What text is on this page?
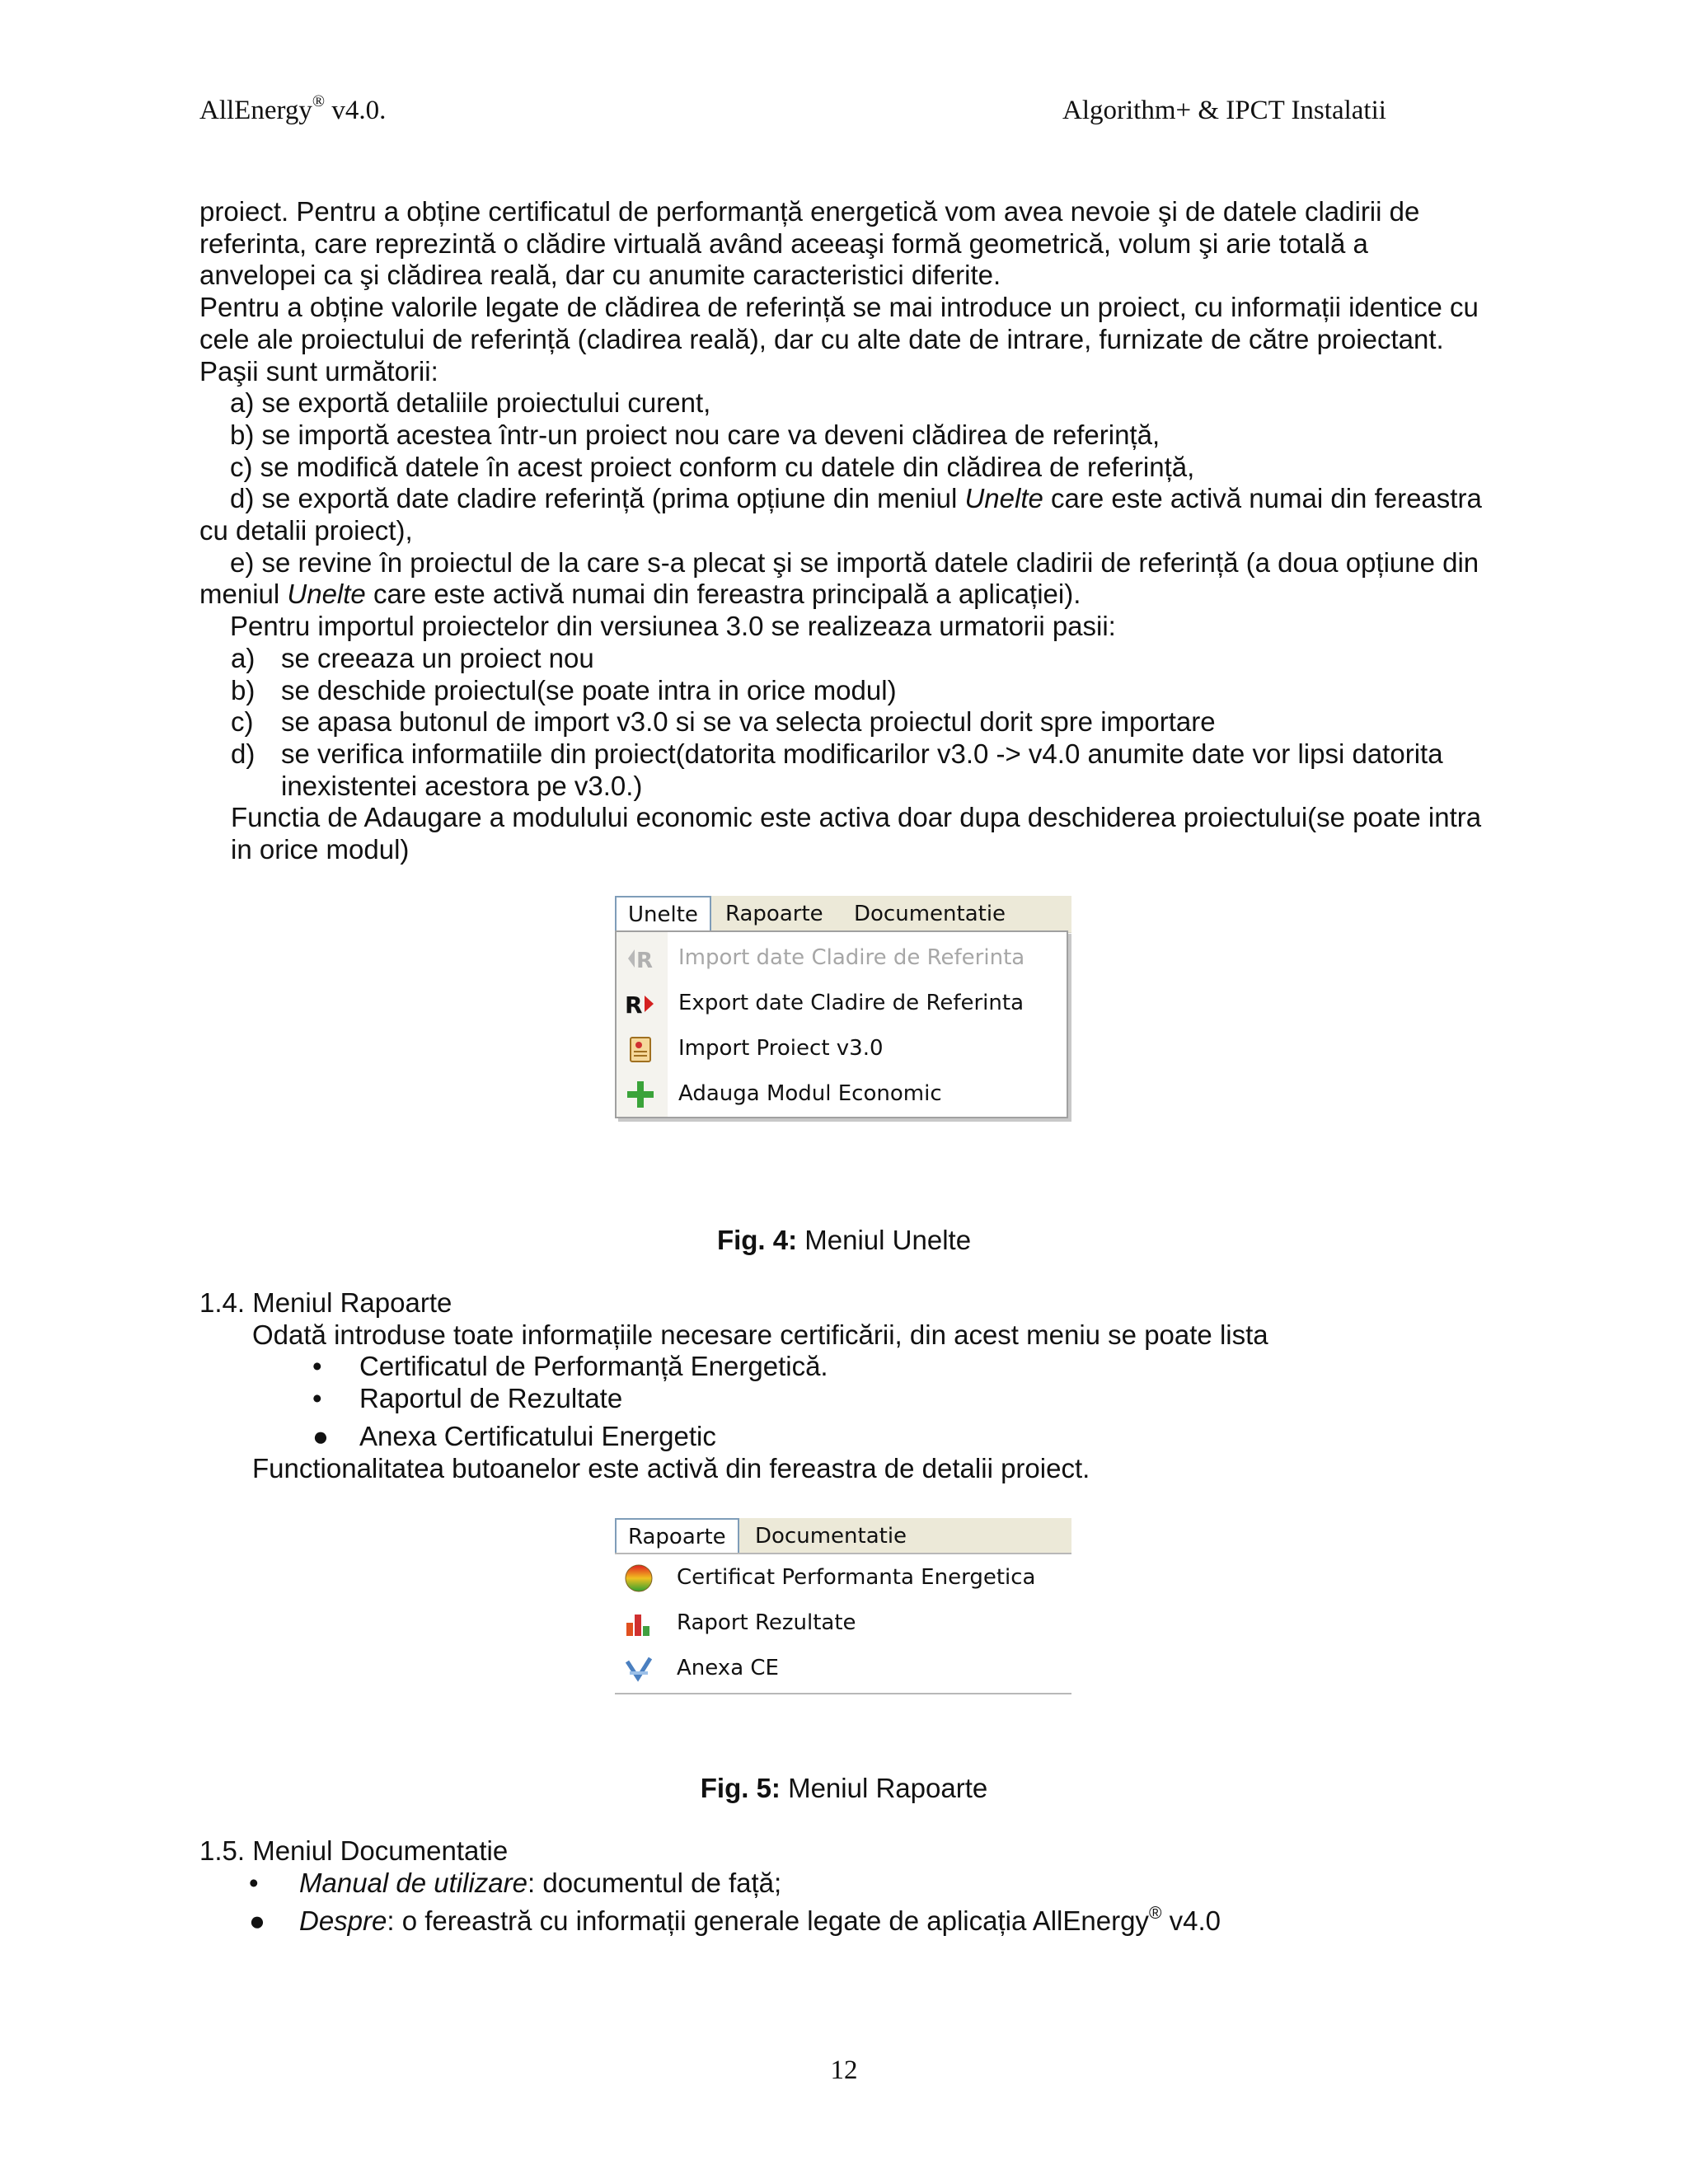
AllEnergy® v4.0.	Algorithm+ & IPCT Instalatii

proiect. Pentru a obține certificatul de performanță energetică vom avea nevoie şi de datele cladirii de referinta, care reprezintă o clădire virtuală având aceeaşi formă geometrică, volum şi arie totală a anvelopei ca şi clădirea reală, dar cu anumite caracteristici diferite.

Pentru a obține valorile legate de clădirea de referință se mai introduce un proiect, cu informații identice cu cele ale proiectului de referință (cladirea reală), dar cu alte date de intrare, furnizate de către proiectant. Paşii sunt următorii:

a) se exportă detaliile proiectului curent,

b) se importă acestea într-un proiect nou care va deveni clădirea de referință,

c) se modifică datele în acest proiect conform cu datele din clădirea de referință,

d) se exportă date cladire referință (prima opțiune din meniul Unelte care este activă numai din fereastra cu detalii proiect),

e) se revine în proiectul de la care s-a plecat şi se importă datele cladirii de referință (a doua opțiune din meniul Unelte care este activă numai din fereastra principală a aplicației).

Pentru importul proiectelor din versiunea 3.0 se realizeaza urmatorii pasii:

a) se creeaza un proiect nou
b) se deschide proiectul(se poate intra in orice modul)
c) se apasa butonul de import v3.0 si se va selecta proiectul dorit spre importare
d) se verifica informatiile din proiect(datorita modificarilor v3.0 -> v4.0 anumite date vor lipsi datorita inexistentei acestora pe v3.0.)

Functia de Adaugare a modulului economic este activa doar dupa deschiderea proiectului(se poate intra in orice modul)

Unelte	Rapoarte Documentatie
R Import date Cladire de Referinta
R Export date Cladire de Referinta
Import Proiect v3.0
Adauga Modul Economic
Fig. 4: Meniul Unelte

1.4. Meniul Rapoarte

Odată introduse toate informațiile necesare certificării, din acest meniu se poate lista

• Certificatul de Performanță Energetică.
• Raportul de Rezultate
● Anexa Certificatului Energetic

Functionalitatea butoanelor este activă din fereastra de detalii proiect.

Rapoarte	Documentatie
Certificat Performanta Energetica
Raport Rezultate
Anexa CE
Fig. 5: Meniul Rapoarte

1.5. Meniul Documentatie

• Manual de utilizare: documentul de față;
● Despre: o fereastră cu informații generale legate de aplicația AllEnergy® v4.0
12
